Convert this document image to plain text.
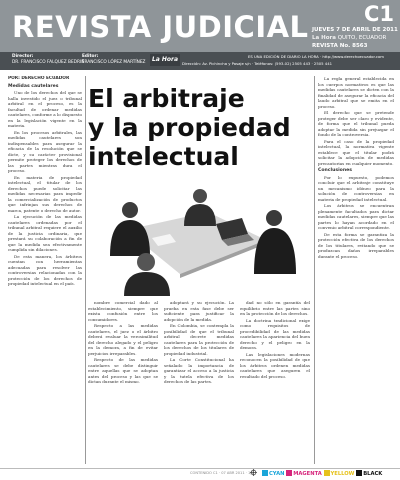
REVISTA JUDICIAL	C1
JUEVES 7 DE ABRIL DE 2011
La Hora QUITO, ECUADOR
REVISTA No. 8563
Director:
DR. FRANCISCO FALQUEZ BEDRIÑ
Editor:
FRANCISCO LÓPEZ MARTÍNEZ	La Hora	ES UNA EDICIÓN DE DIARIO LA HORA · http://www.derechoecuador.com
Dirección: Av. Pichincha y Pasaje s/n · Teléfonos: (593-02) 2505 443 · 2505 441

POR: DERECHO ECUADOR

Medidas cautelares

Uno de los derechos del que se halla investido el juez o tribunal arbitral en el proceso, es la facultad de ordenar medidas cautelares, conforme a lo dispuesto en la legislación vigente en la materia.

En los procesos arbitrales, las medidas cautelares son indispensables para asegurar la eficacia de la resolución que se dicte, y su carácter provisional permite proteger los derechos de las partes mientras dura el proceso.

En materia de propiedad intelectual, el titular de los derechos puede solicitar las medidas necesarias para impedir la comercialización de productos que infrinjan sus derechos de marca, patente o derecho de autor.

La ejecución de las medidas cautelares ordenadas por el tribunal arbitral requiere el auxilio de la justicia ordinaria, que prestará su colaboración a fin de que la medida sea efectivamente cumplida sin dilaciones.

De esta manera, los árbitros cuentan con herramientas adecuadas para resolver las controversias relacionadas con la protección de los derechos de propiedad intelectual en el país.

El arbitraje
y la propiedad
intelectual

nombre comercial dado al establecimiento, siempre que exista confusión entre los consumidores.

Respecto a las medidas cautelares, el juez o el árbitro deberá evaluar la verosimilitud del derecho alegado y el peligro en la demora, a fin de evitar perjuicios irreparables.

Respecto de las medidas cautelares se debe distinguir entre aquellas que se adoptan antes del proceso y las que se dictan durante el mismo.

adoptará y su ejecución. La prueba en esta fase debe ser suficiente para justificar la adopción de la medida.

En Colombia, se contempla la posibilidad de que el tribunal arbitral decrete medidas cautelares para la protección de los derechos de los titulares de propiedad industrial.

La Corte Constitucional ha señalado la importancia de garantizar el acceso a la justicia y la tutela efectiva de los derechos de las partes.

dad no sólo en garantía del equilibrio entre las partes sino en la protección de los derechos.

La doctrina tradicional exige como requisitos de procedibilidad de las medidas cautelares la apariencia del buen derecho y el peligro en la demora.

Las legislaciones modernas reconocen la posibilidad de que los árbitros ordenen medidas cautelares que aseguren el resultado del proceso.

La regla general establecida en los cuerpos normativos es que las medidas cautelares se dicten con la finalidad de asegurar la eficacia del laudo arbitral que se emita en el proceso.

El derecho que se pretende proteger debe ser claro y evidente, de forma que el tribunal pueda adoptar la medida sin prejuzgar el fondo de la controversia.

Para el caso de la propiedad intelectual, la normativa vigente establece que el titular podrá solicitar la adopción de medidas precautorias en cualquier momento.

Conclusiones

Por lo expuesto, podemos concluir que el arbitraje constituye un mecanismo idóneo para la solución de controversias en materia de propiedad intelectual.

Los árbitros se encuentran plenamente facultados para dictar medidas cautelares, siempre que las partes lo hayan acordado en el convenio arbitral correspondiente.

De esta forma se garantiza la protección efectiva de los derechos de los titulares, evitando que se produzcan daños irreparables durante el proceso.

CONTENIDO C1 · 07 ABR 2011 · 1/2	CYAN MAGENTA YELLOW BLACK
